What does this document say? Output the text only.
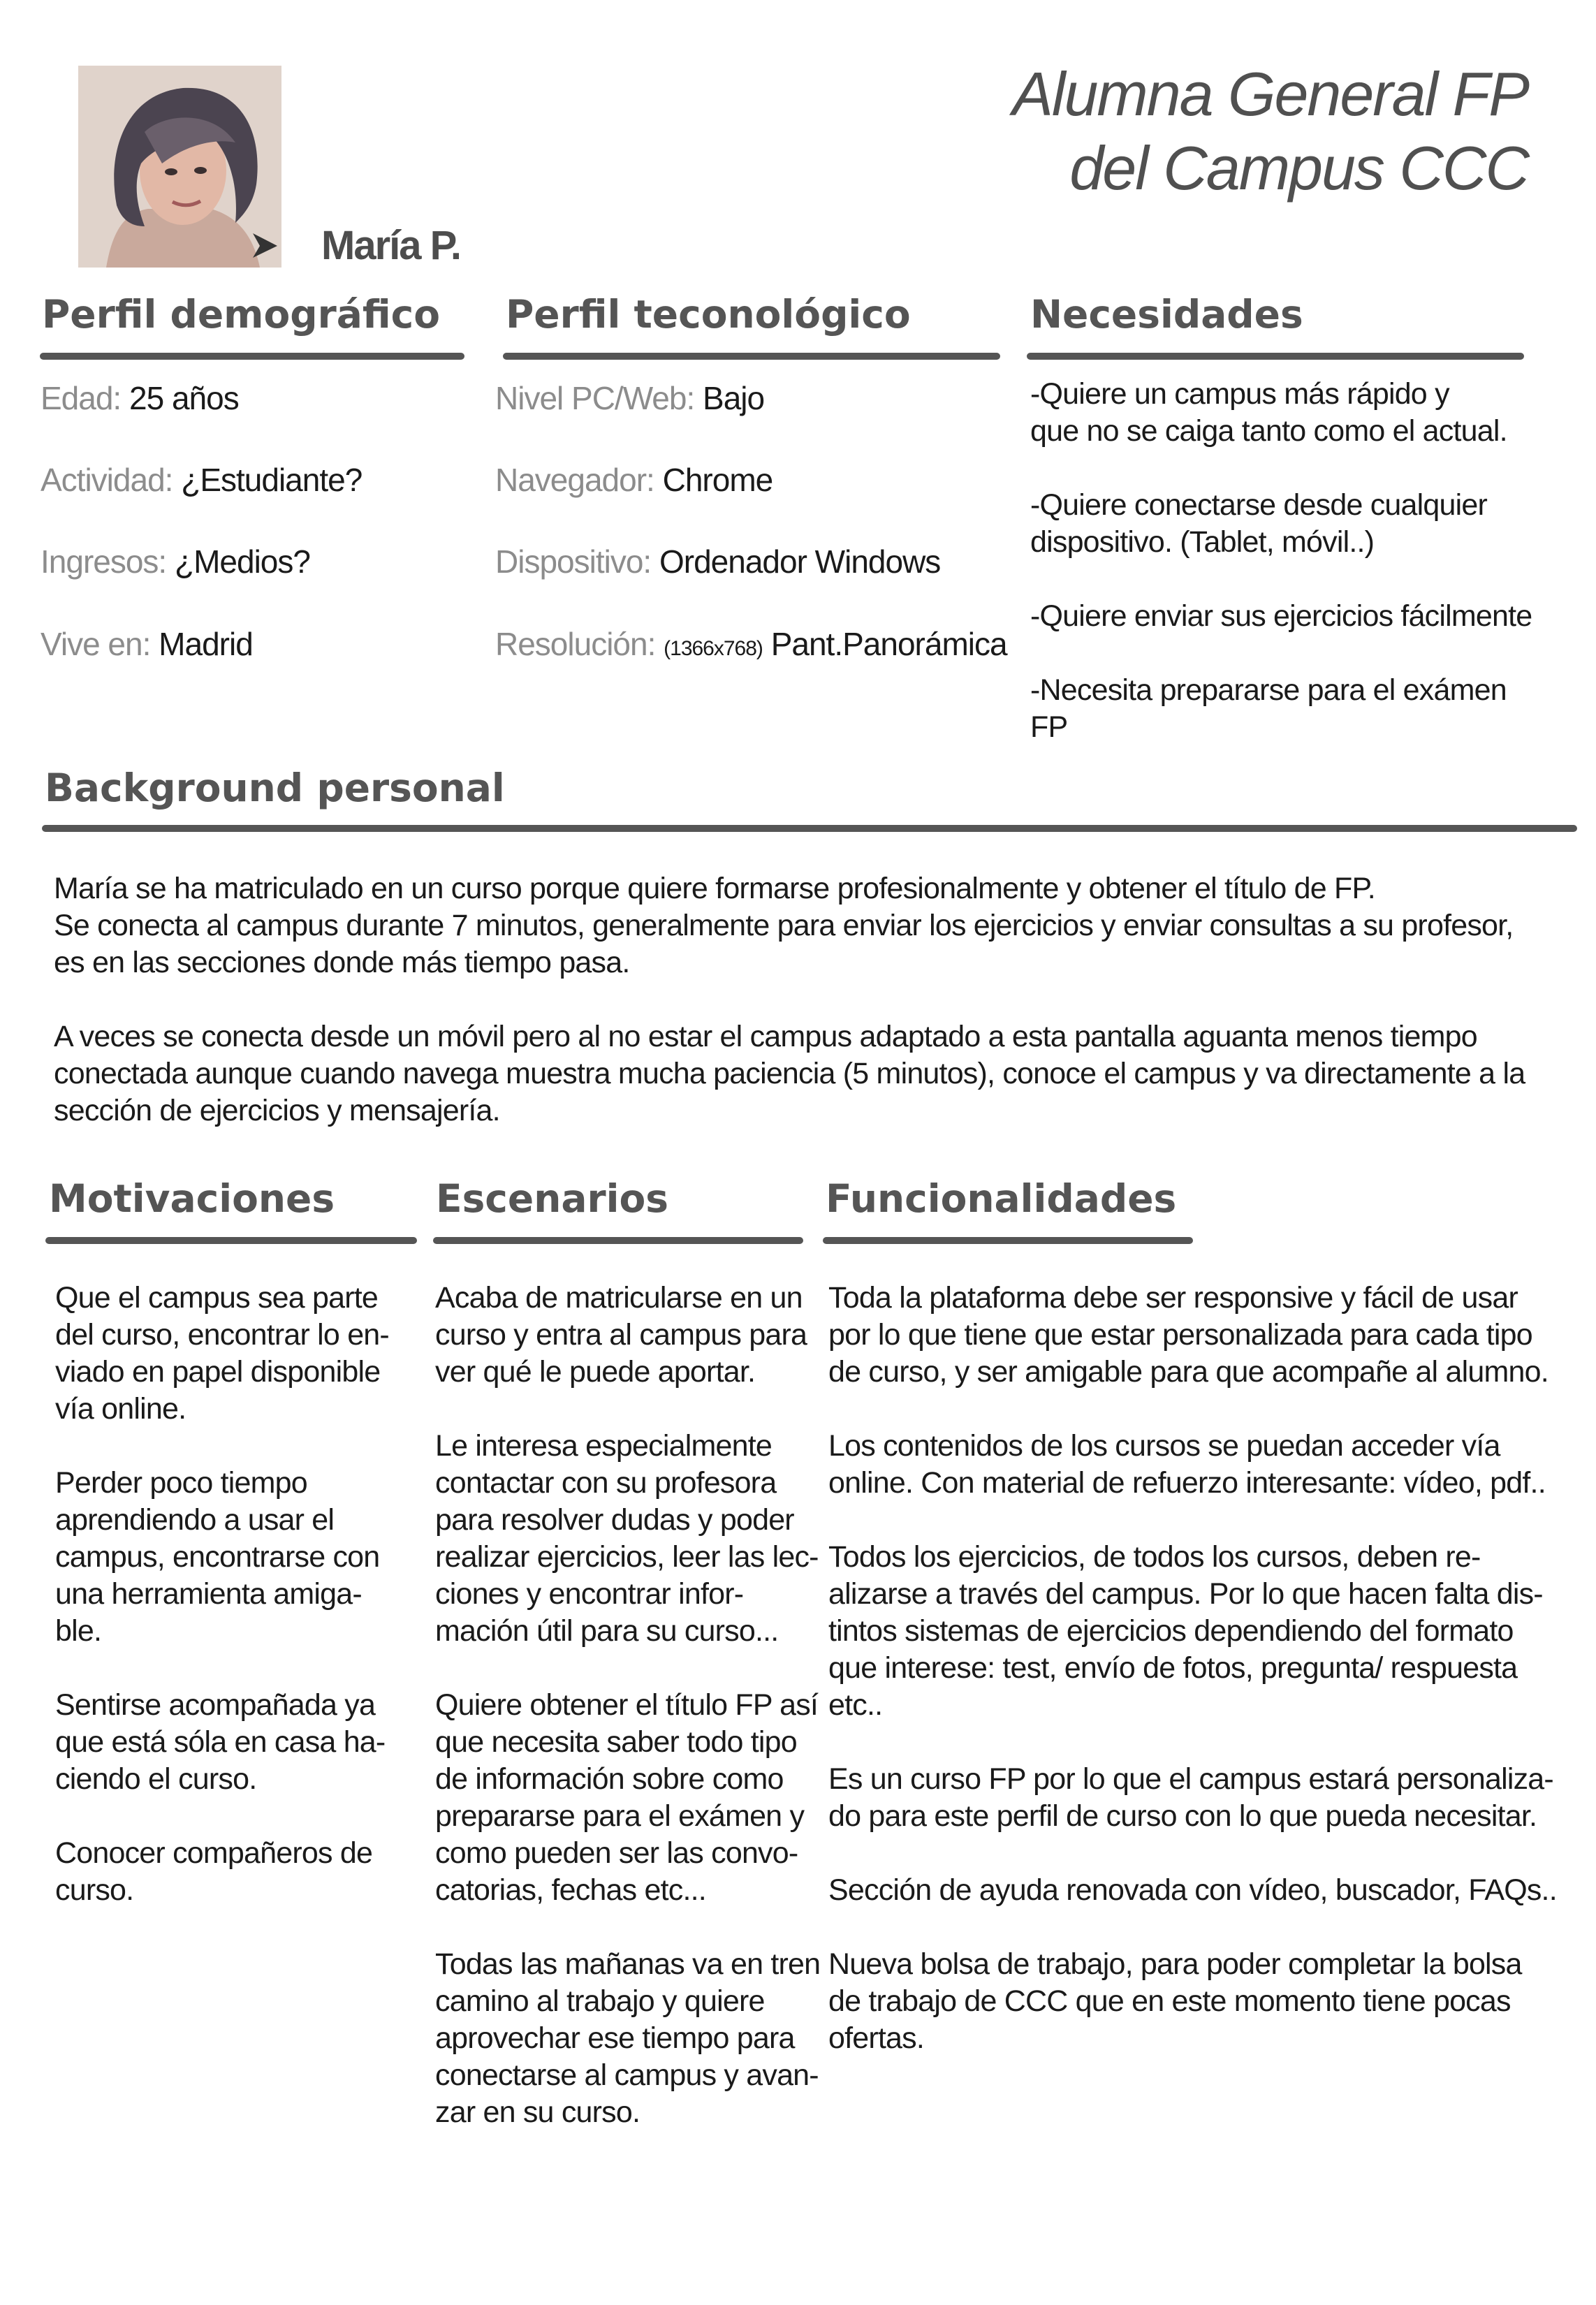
María P.
Alumna General FP
del Campus CCC
Perfil demográfico
Edad: 25 años
Actividad: ¿Estudiante?
Ingresos: ¿Medios?
Vive en: Madrid
Perfil teconológico
Nivel PC/Web: Bajo
Navegador: Chrome
Dispositivo: Ordenador Windows
Resolución: (1366x768) Pant.Panorámica
Necesidades

-Quiere un campus más rápido y
que no se caiga tanto como el actual.

-Quiere conectarse desde cualquier
dispositivo. (Tablet, móvil..)

-Quiere enviar sus ejercicios fácilmente

-Necesita prepararse para el exámen FP

Background personal

María se ha matriculado en un curso porque quiere formarse profesionalmente y obtener el título de FP.
Se conecta al campus durante 7 minutos, generalmente para enviar los ejercicios y enviar consultas a su profesor,
es en las secciones donde más tiempo pasa.

A veces se conecta desde un móvil pero al no estar el campus adaptado a esta pantalla aguanta menos tiempo
conectada aunque cuando navega muestra mucha paciencia (5 minutos), conoce el campus y va directamente a la
sección de ejercicios y mensajería.

Motivaciones

Que el campus sea parte
del curso, encontrar lo en-
viado en papel disponible
vía online.

Perder poco tiempo
aprendiendo a usar el
campus, encontrarse con
una herramienta amiga-
ble.

Sentirse acompañada ya
que está sóla en casa ha-
ciendo el curso.

Conocer compañeros de
curso.

Escenarios

Acaba de matricularse en un
curso y entra al campus para
ver qué le puede aportar.

Le interesa especialmente
contactar con su profesora
para resolver dudas y poder
realizar ejercicios, leer las lec-
ciones y encontrar infor-
mación útil para su curso...

Quiere obtener el título FP así
que necesita saber todo tipo
de información sobre como
prepararse para el exámen y
como pueden ser las convo-
catorias, fechas etc...

Todas las mañanas va en tren
camino al trabajo y quiere
aprovechar ese tiempo para
conectarse al campus y avan-
zar en su curso.

Funcionalidades

Toda la plataforma debe ser responsive y fácil de usar
por lo que tiene que estar personalizada para cada tipo
de curso, y ser amigable para que acompañe al alumno.

Los contenidos de los cursos se puedan acceder vía
online. Con material de refuerzo interesante: vídeo, pdf..

Todos los ejercicios, de todos los cursos, deben re-
alizarse a través del campus. Por lo que hacen falta dis-
tintos sistemas de ejercicios dependiendo del formato
que interese: test, envío de fotos, pregunta/ respuesta
etc..

Es un curso FP por lo que el campus estará personaliza-
do para este perfil de curso con lo que pueda necesitar.

Sección de ayuda renovada con vídeo, buscador, FAQs..

Nueva bolsa de trabajo, para poder completar la bolsa
de trabajo de CCC que en este momento tiene pocas
ofertas.
